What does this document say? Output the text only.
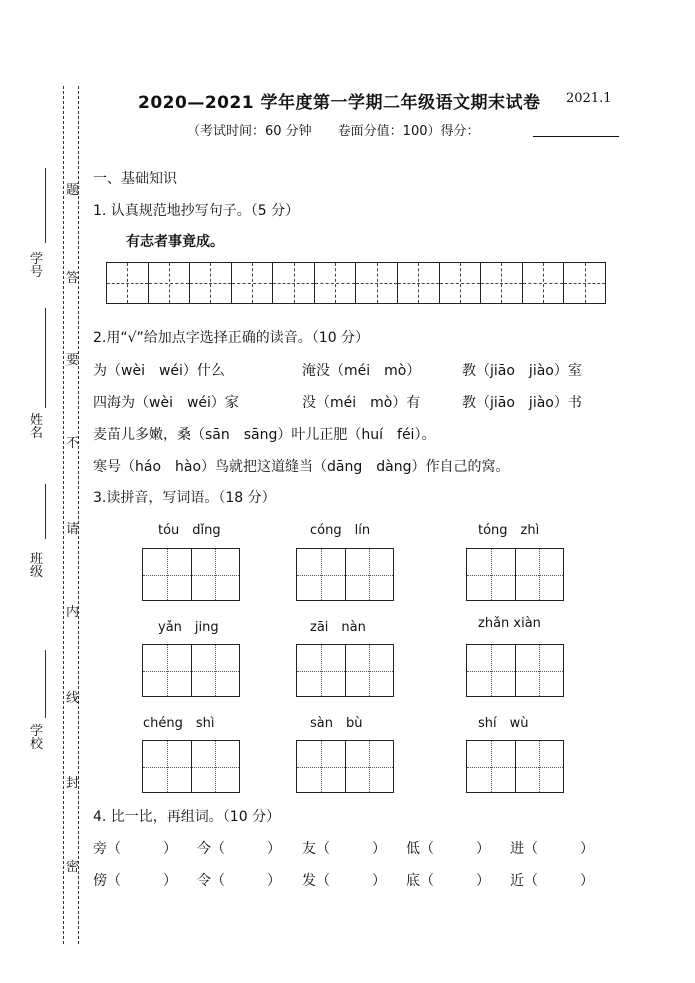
学号
姓名
班级
学校
题
答
要
不
请
内
线
封
密
2020—2021 学年度第一学期二年级语文期末试卷 2021.1
（考试时间：60 分钟　　卷面分值：100）得分：
一、基础知识
1. 认真规范地抄写句子。（5 分）
有志者事竟成。
2.用“√”给加点字选择正确的读音。（10 分）
为（wèi　wéi）什么	淹没（méi　mò）	教（jiāo　jiào）室
四海为（wèi　wéi）家	没（méi　mò）有	教（jiāo　jiào）书
麦苗儿多嫩，桑（sān　sāng）叶儿正肥（huí　féi）。
寒号（háo　hào）鸟就把这道缝当（dāng　dàng）作自己的窝。
3.读拼音，写词语。（18 分）
tóu　dǐng	cóng　lín	tóng　zhì
yǎn　jing	zāi　nàn	zhǎn xiàn
chéng　shì	sàn　bù	shí　wù
4. 比一比，再组词。（10 分）
旁（　　　） 今（　　　） 友（　　　） 低（　　　） 进（　　　）
傍（　　　） 令（　　　） 发（　　　） 底（　　　） 近（　　　）
